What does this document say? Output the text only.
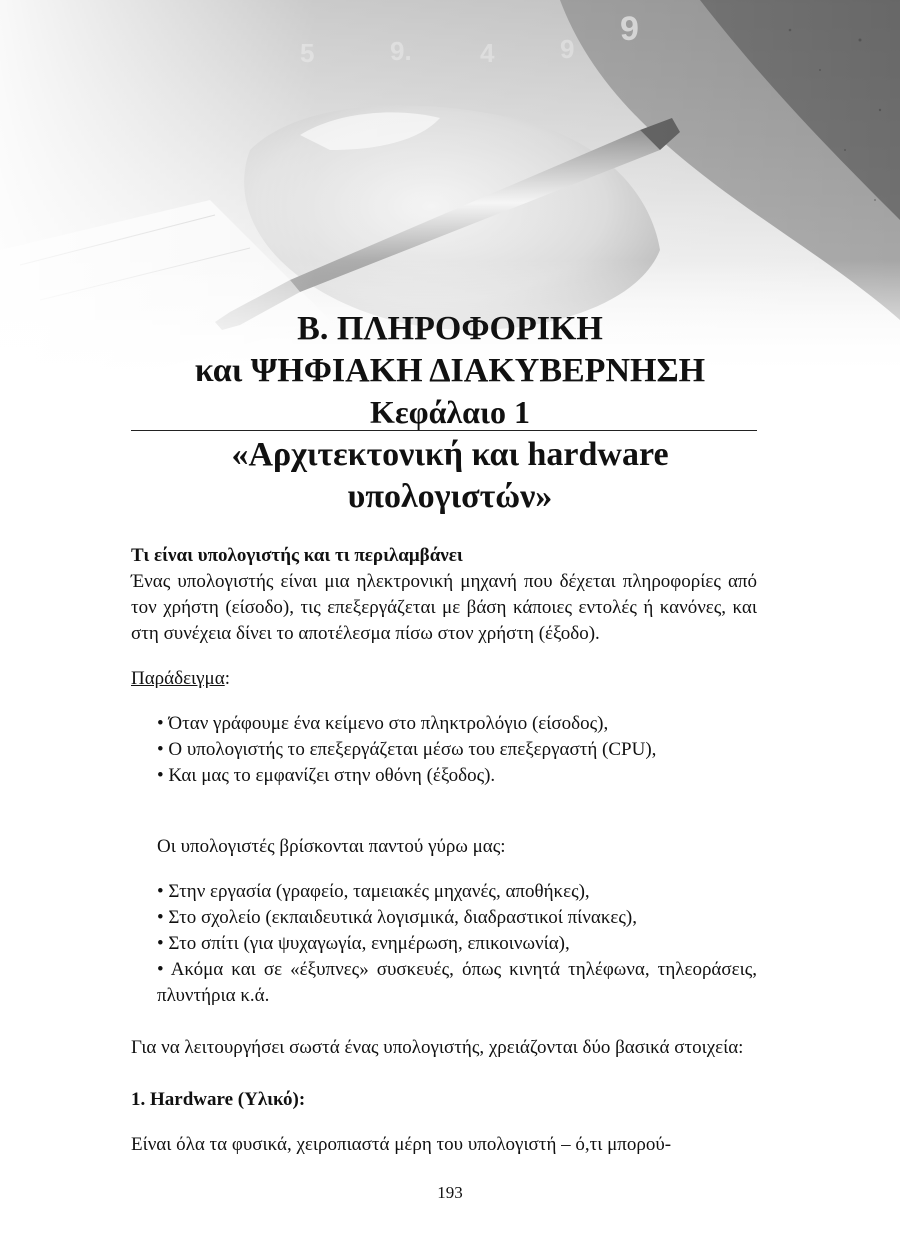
Β. ΠΛΗΡΟΦΟΡΙΚΗ

και ΨΗΦΙΑΚΗ ΔΙΑΚΥΒΕΡΝΗΣΗ

Κεφάλαιο 1

«Αρχιτεκτονική και hardware
υπολογιστών»

Τι είναι υπολογιστής και τι περιλαμβάνει

Ένας υπολογιστής είναι μια ηλεκτρονική μηχανή που δέχεται πληροφορίες από τον χρήστη (είσοδο), τις επεξεργάζεται με βάση κάποιες εντολές ή κανόνες, και στη συνέχεια δίνει το αποτέλεσμα πίσω στον χρήστη (έξοδο).

Παράδειγμα:

• Όταν γράφουμε ένα κείμενο στο πληκτρολόγιο (είσοδος),
• Ο υπολογιστής το επεξεργάζεται μέσω του επεξεργαστή (CPU),
• Και μας το εμφανίζει στην οθόνη (έξοδος).

Οι υπολογιστές βρίσκονται παντού γύρω μας:

• Στην εργασία (γραφείο, ταμειακές μηχανές, αποθήκες),
• Στο σχολείο (εκπαιδευτικά λογισμικά, διαδραστικοί πίνακες),
• Στο σπίτι (για ψυχαγωγία, ενημέρωση, επικοινωνία),
• Ακόμα και σε «έξυπνες» συσκευές, όπως κινητά τηλέφωνα, τηλεοράσεις, πλυντήρια κ.ά.

Για να λειτουργήσει σωστά ένας υπολογιστής, χρειάζονται δύο βασικά στοιχεία:

1. Hardware (Υλικό):

Είναι όλα τα φυσικά, χειροπιαστά μέρη του υπολογιστή – ό,τι μπορού-

193
